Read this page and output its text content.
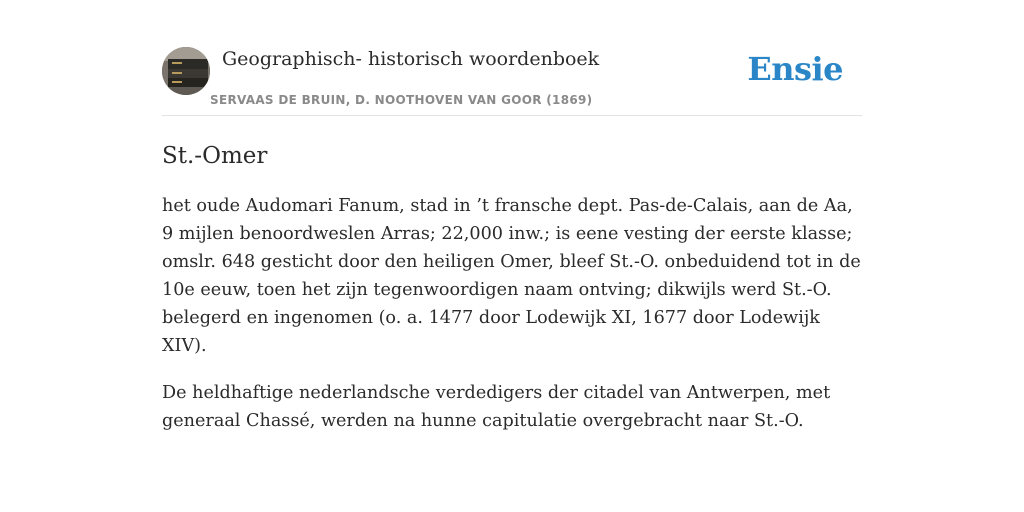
Geographisch- historisch woordenboek
SERVAAS DE BRUIN, D. NOOTHOVEN VAN GOOR (1869)
Ensie
St.-Omer

het oude Audomari Fanum, stad in ’t fransche dept. Pas-de-Calais, aan de Aa, 9 mijlen benoordweslen Arras; 22,000 inw.; is eene vesting der eerste klasse; omslr. 648 gesticht door den heiligen Omer, bleef St.-O. onbeduidend tot in de 10e eeuw, toen het zijn tegenwoordigen naam ontving; dikwijls werd St.-O. belegerd en ingenomen (o. a. 1477 door Lodewijk XI, 1677 door Lodewijk XIV).

De heldhaftige nederlandsche verdedigers der citadel van Antwerpen, met generaal Chassé, werden na hunne capitulatie overgebracht naar St.-O.
